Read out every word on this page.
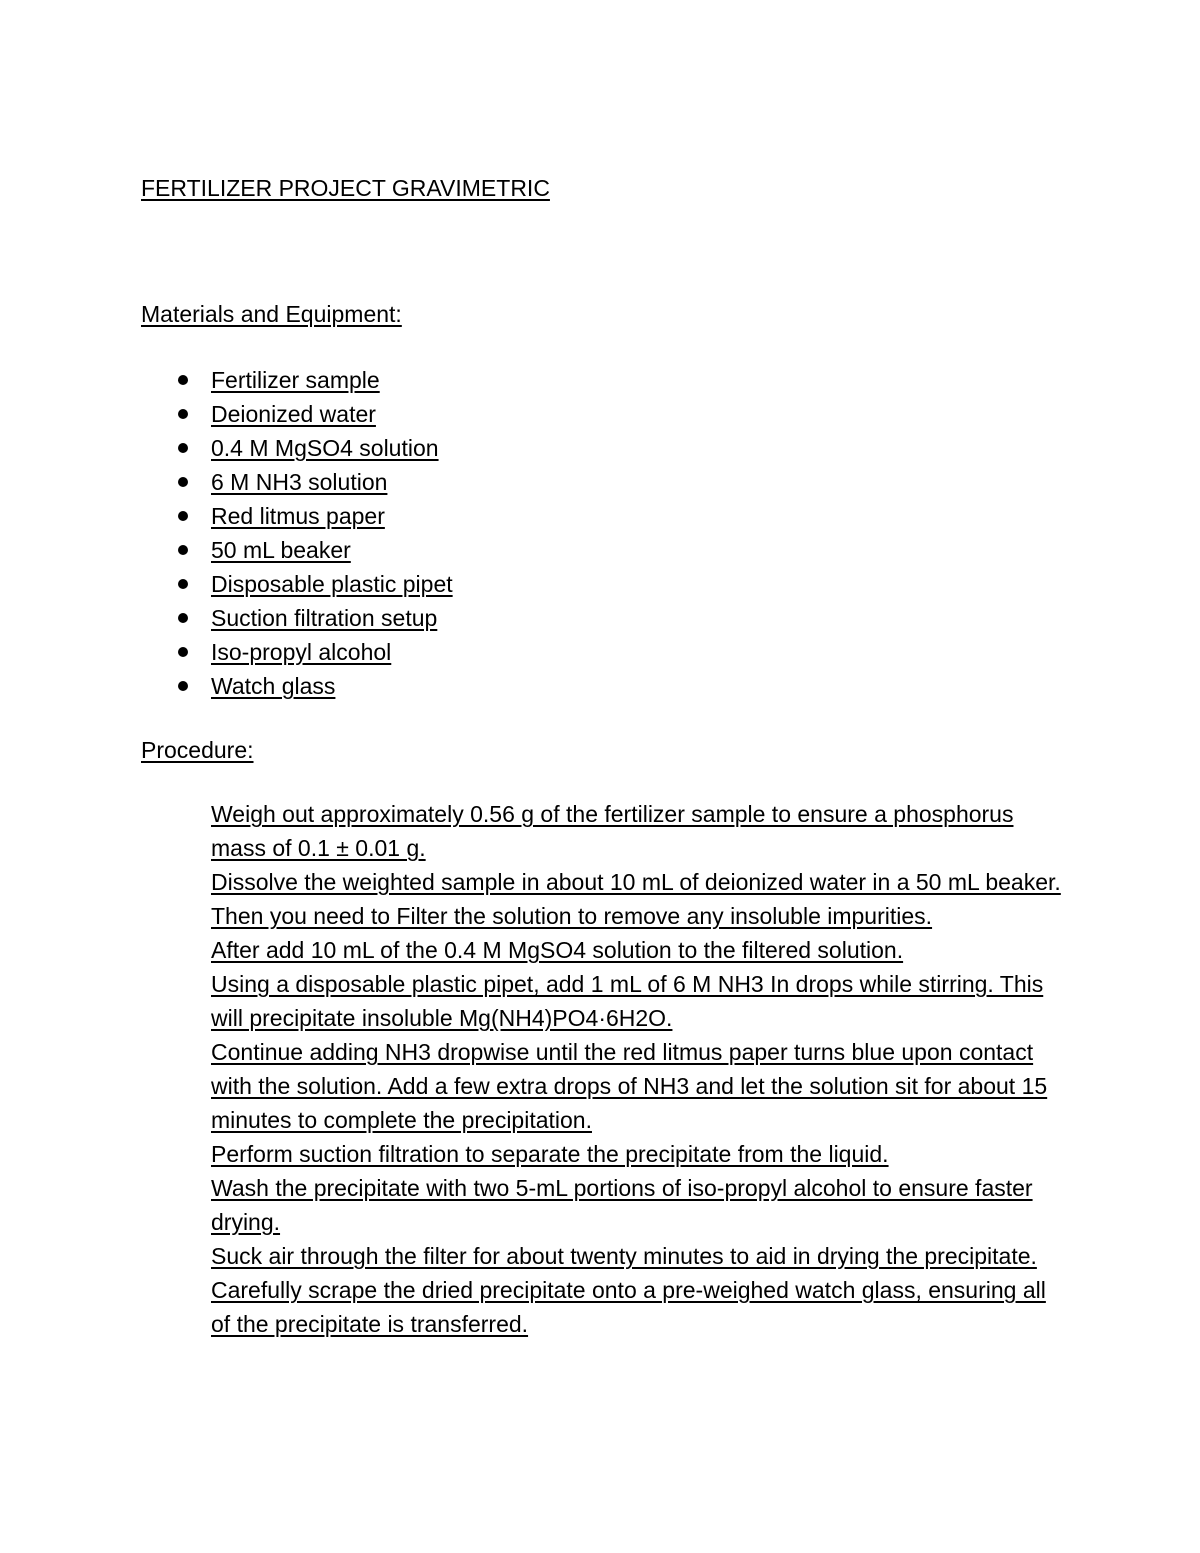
FERTILIZER PROJECT GRAVIMETRIC
Materials and Equipment:
Fertilizer sample
Deionized water
0.4 M MgSO4 solution
6 M NH3 solution
Red litmus paper
50 mL beaker
Disposable plastic pipet
Suction filtration setup
Iso-propyl alcohol
Watch glass
Procedure:

Weigh out approximately 0.56 g of the fertilizer sample to ensure a phosphorus mass of 0.1 ± 0.01 g.

Dissolve the weighted sample in about 10 mL of deionized water in a 50 mL beaker.

Then you need to Filter the solution to remove any insoluble impurities.

After add 10 mL of the 0.4 M MgSO4 solution to the filtered solution.

Using a disposable plastic pipet, add 1 mL of 6 M NH3 In drops while stirring. This will precipitate insoluble Mg(NH4)PO4·6H2O.

Continue adding NH3 dropwise until the red litmus paper turns blue upon contact with the solution. Add a few extra drops of NH3 and let the solution sit for about 15 minutes to complete the precipitation.

Perform suction filtration to separate the precipitate from the liquid.

Wash the precipitate with two 5-mL portions of iso-propyl alcohol to ensure faster drying.

Suck air through the filter for about twenty minutes to aid in drying the precipitate.

Carefully scrape the dried precipitate onto a pre-weighed watch glass, ensuring all of the precipitate is transferred.
